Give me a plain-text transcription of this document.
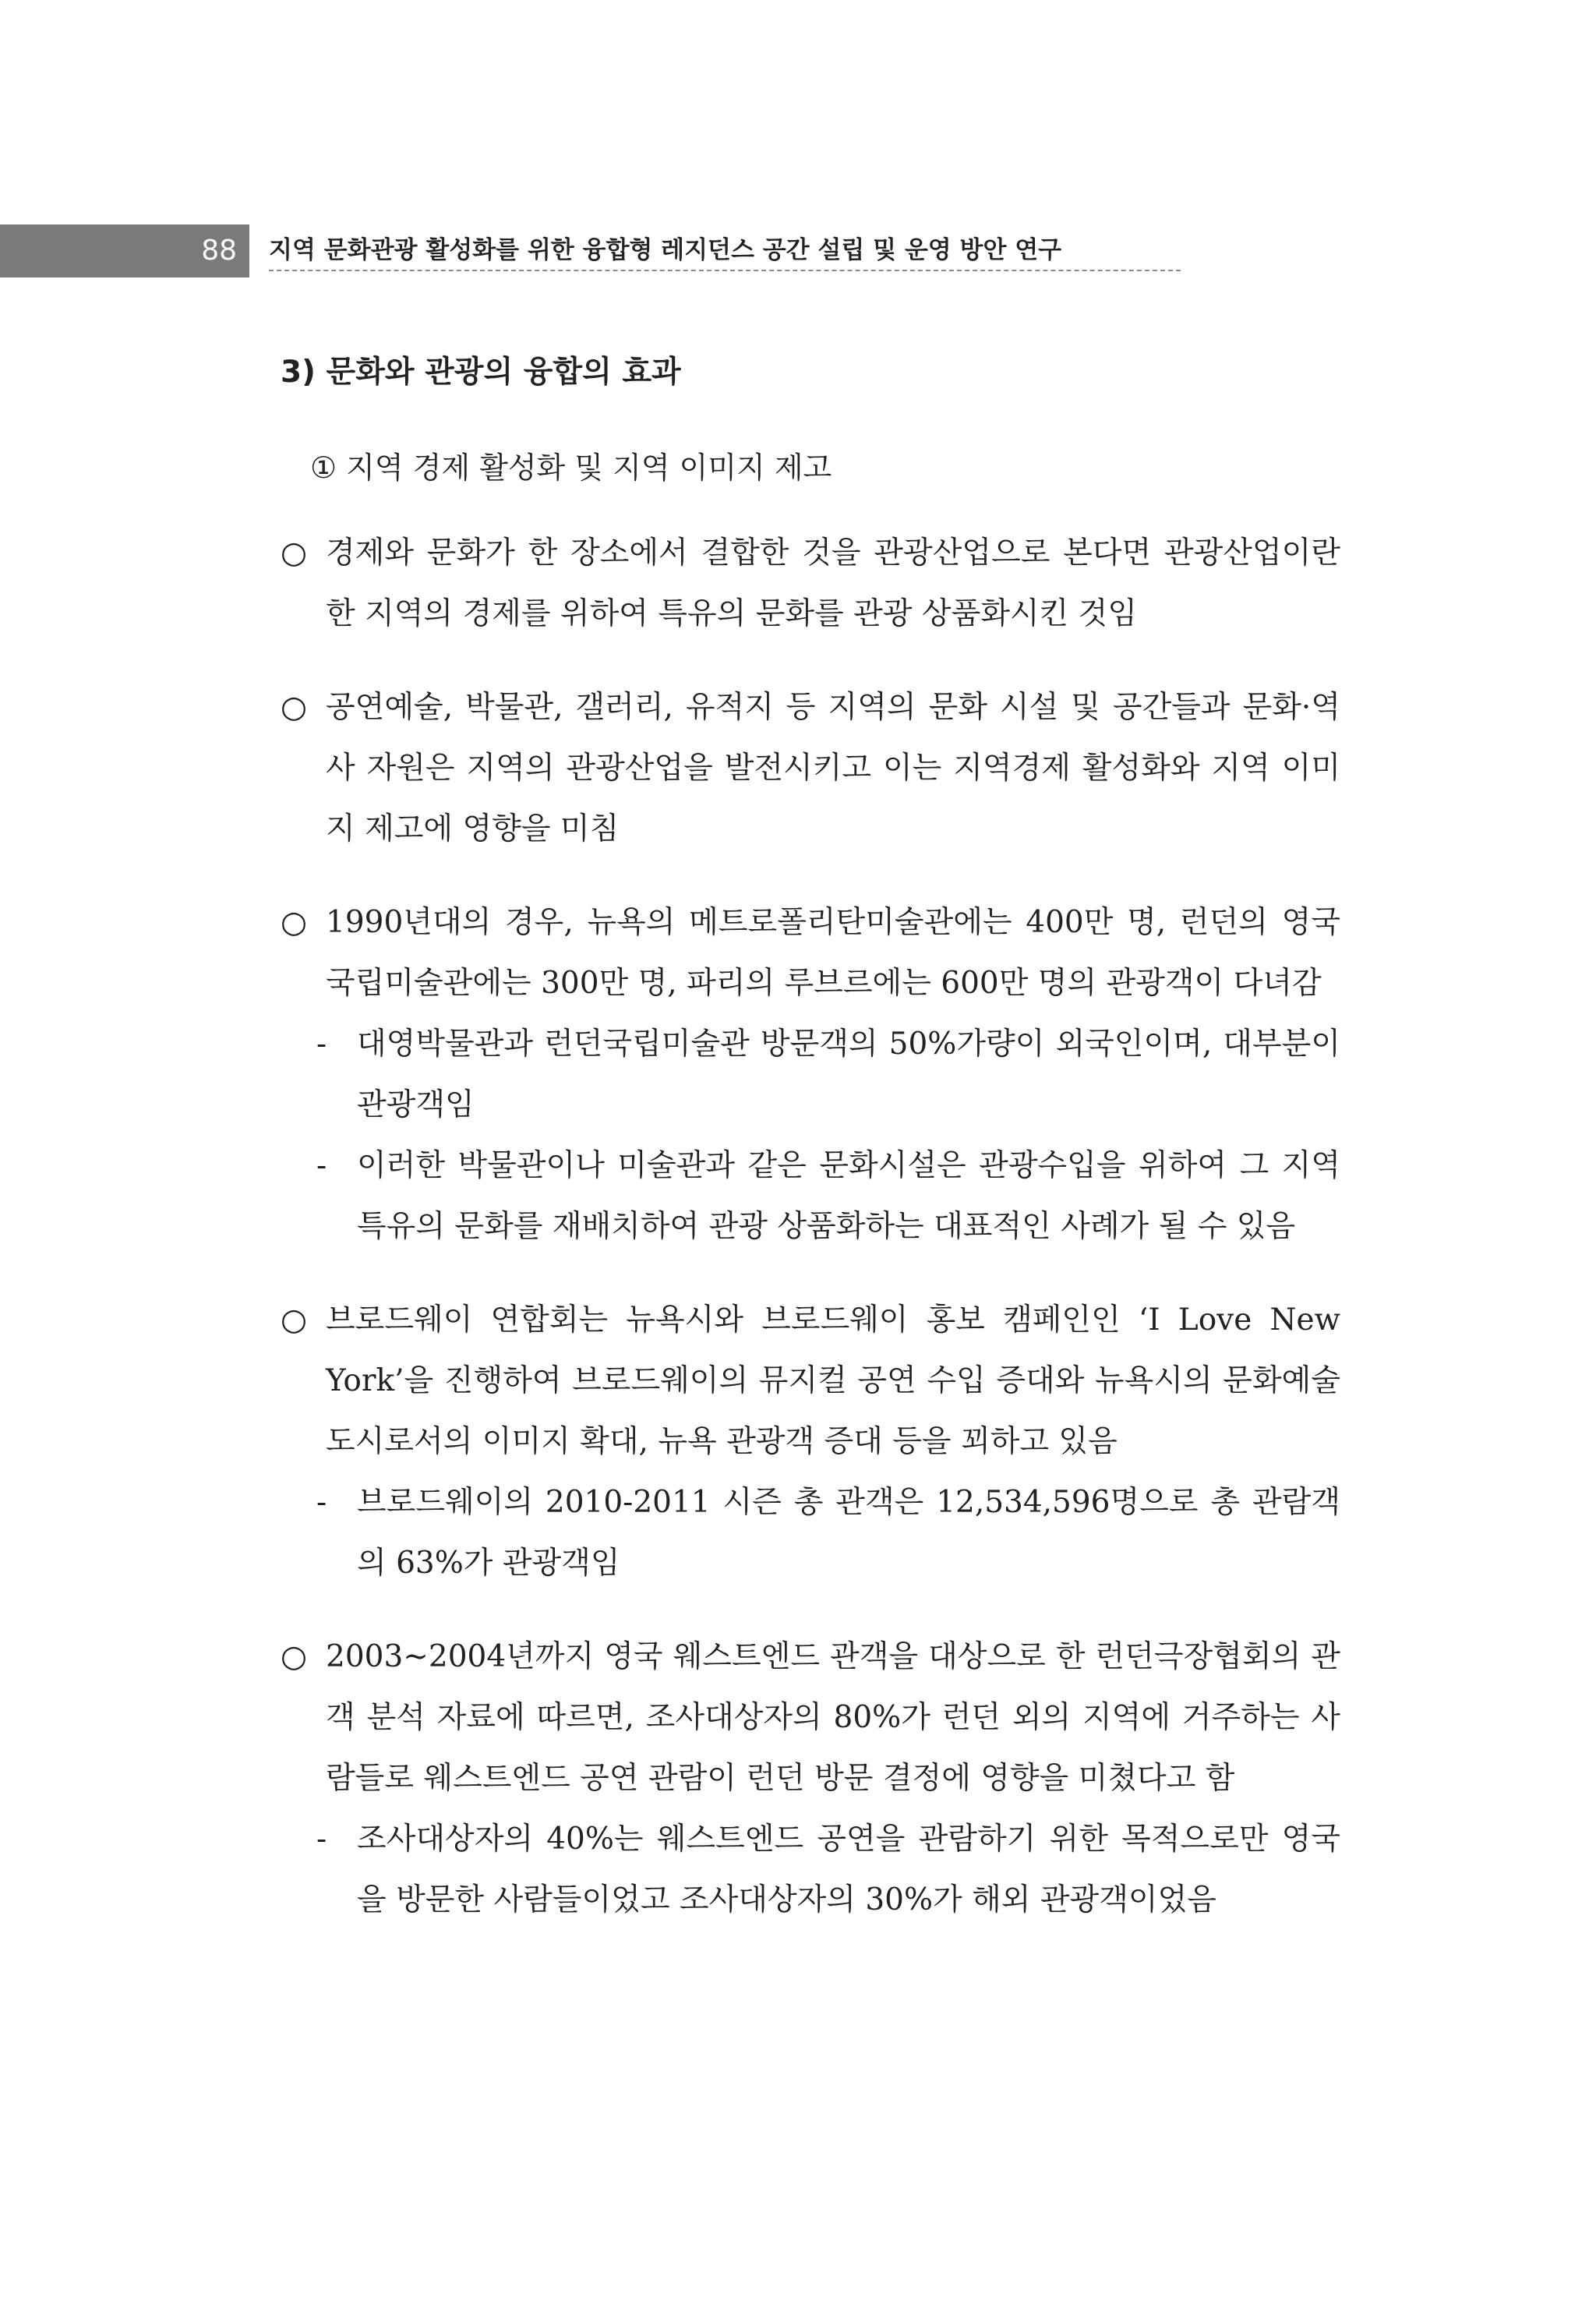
88 지역 문화관광 활성화를 위한 융합형 레지던스 공간 설립 및 운영 방안 연구
3) 문화와 관광의 융합의 효과
① 지역 경제 활성화 및 지역 이미지 제고
○ 경제와 문화가 한 장소에서 결합한 것을 관광산업으로 본다면 관광산업이란 한 지역의 경제를 위하여 특유의 문화를 관광 상품화시킨 것임
○ 공연예술, 박물관, 갤러리, 유적지 등 지역의 문화 시설 및 공간들과 문화·역사 자원은 지역의 관광산업을 발전시키고 이는 지역경제 활성화와 지역 이미지 제고에 영향을 미침
○ 1990년대의 경우, 뉴욕의 메트로폴리탄미술관에는 400만 명, 런던의 영국 국립미술관에는 300만 명, 파리의 루브르에는 600만 명의 관광객이 다녀감
- 대영박물관과 런던국립미술관 방문객의 50%가량이 외국인이며, 대부분이 관광객임
- 이러한 박물관이나 미술관과 같은 문화시설은 관광수입을 위하여 그 지역 특유의 문화를 재배치하여 관광 상품화하는 대표적인 사례가 될 수 있음
○ 브로드웨이 연합회는 뉴욕시와 브로드웨이 홍보 캠페인인 ‘I Love New York’을 진행하여 브로드웨이의 뮤지컬 공연 수입 증대와 뉴욕시의 문화예술 도시로서의 이미지 확대, 뉴욕 관광객 증대 등을 꾀하고 있음
- 브로드웨이의 2010-2011 시즌 총 관객은 12,534,596명으로 총 관람객의 63%가 관광객임
○ 2003~2004년까지 영국 웨스트엔드 관객을 대상으로 한 런던극장협회의 관객 분석 자료에 따르면, 조사대상자의 80%가 런던 외의 지역에 거주하는 사람들로 웨스트엔드 공연 관람이 런던 방문 결정에 영향을 미쳤다고 함
- 조사대상자의 40%는 웨스트엔드 공연을 관람하기 위한 목적으로만 영국을 방문한 사람들이었고 조사대상자의 30%가 해외 관광객이었음
